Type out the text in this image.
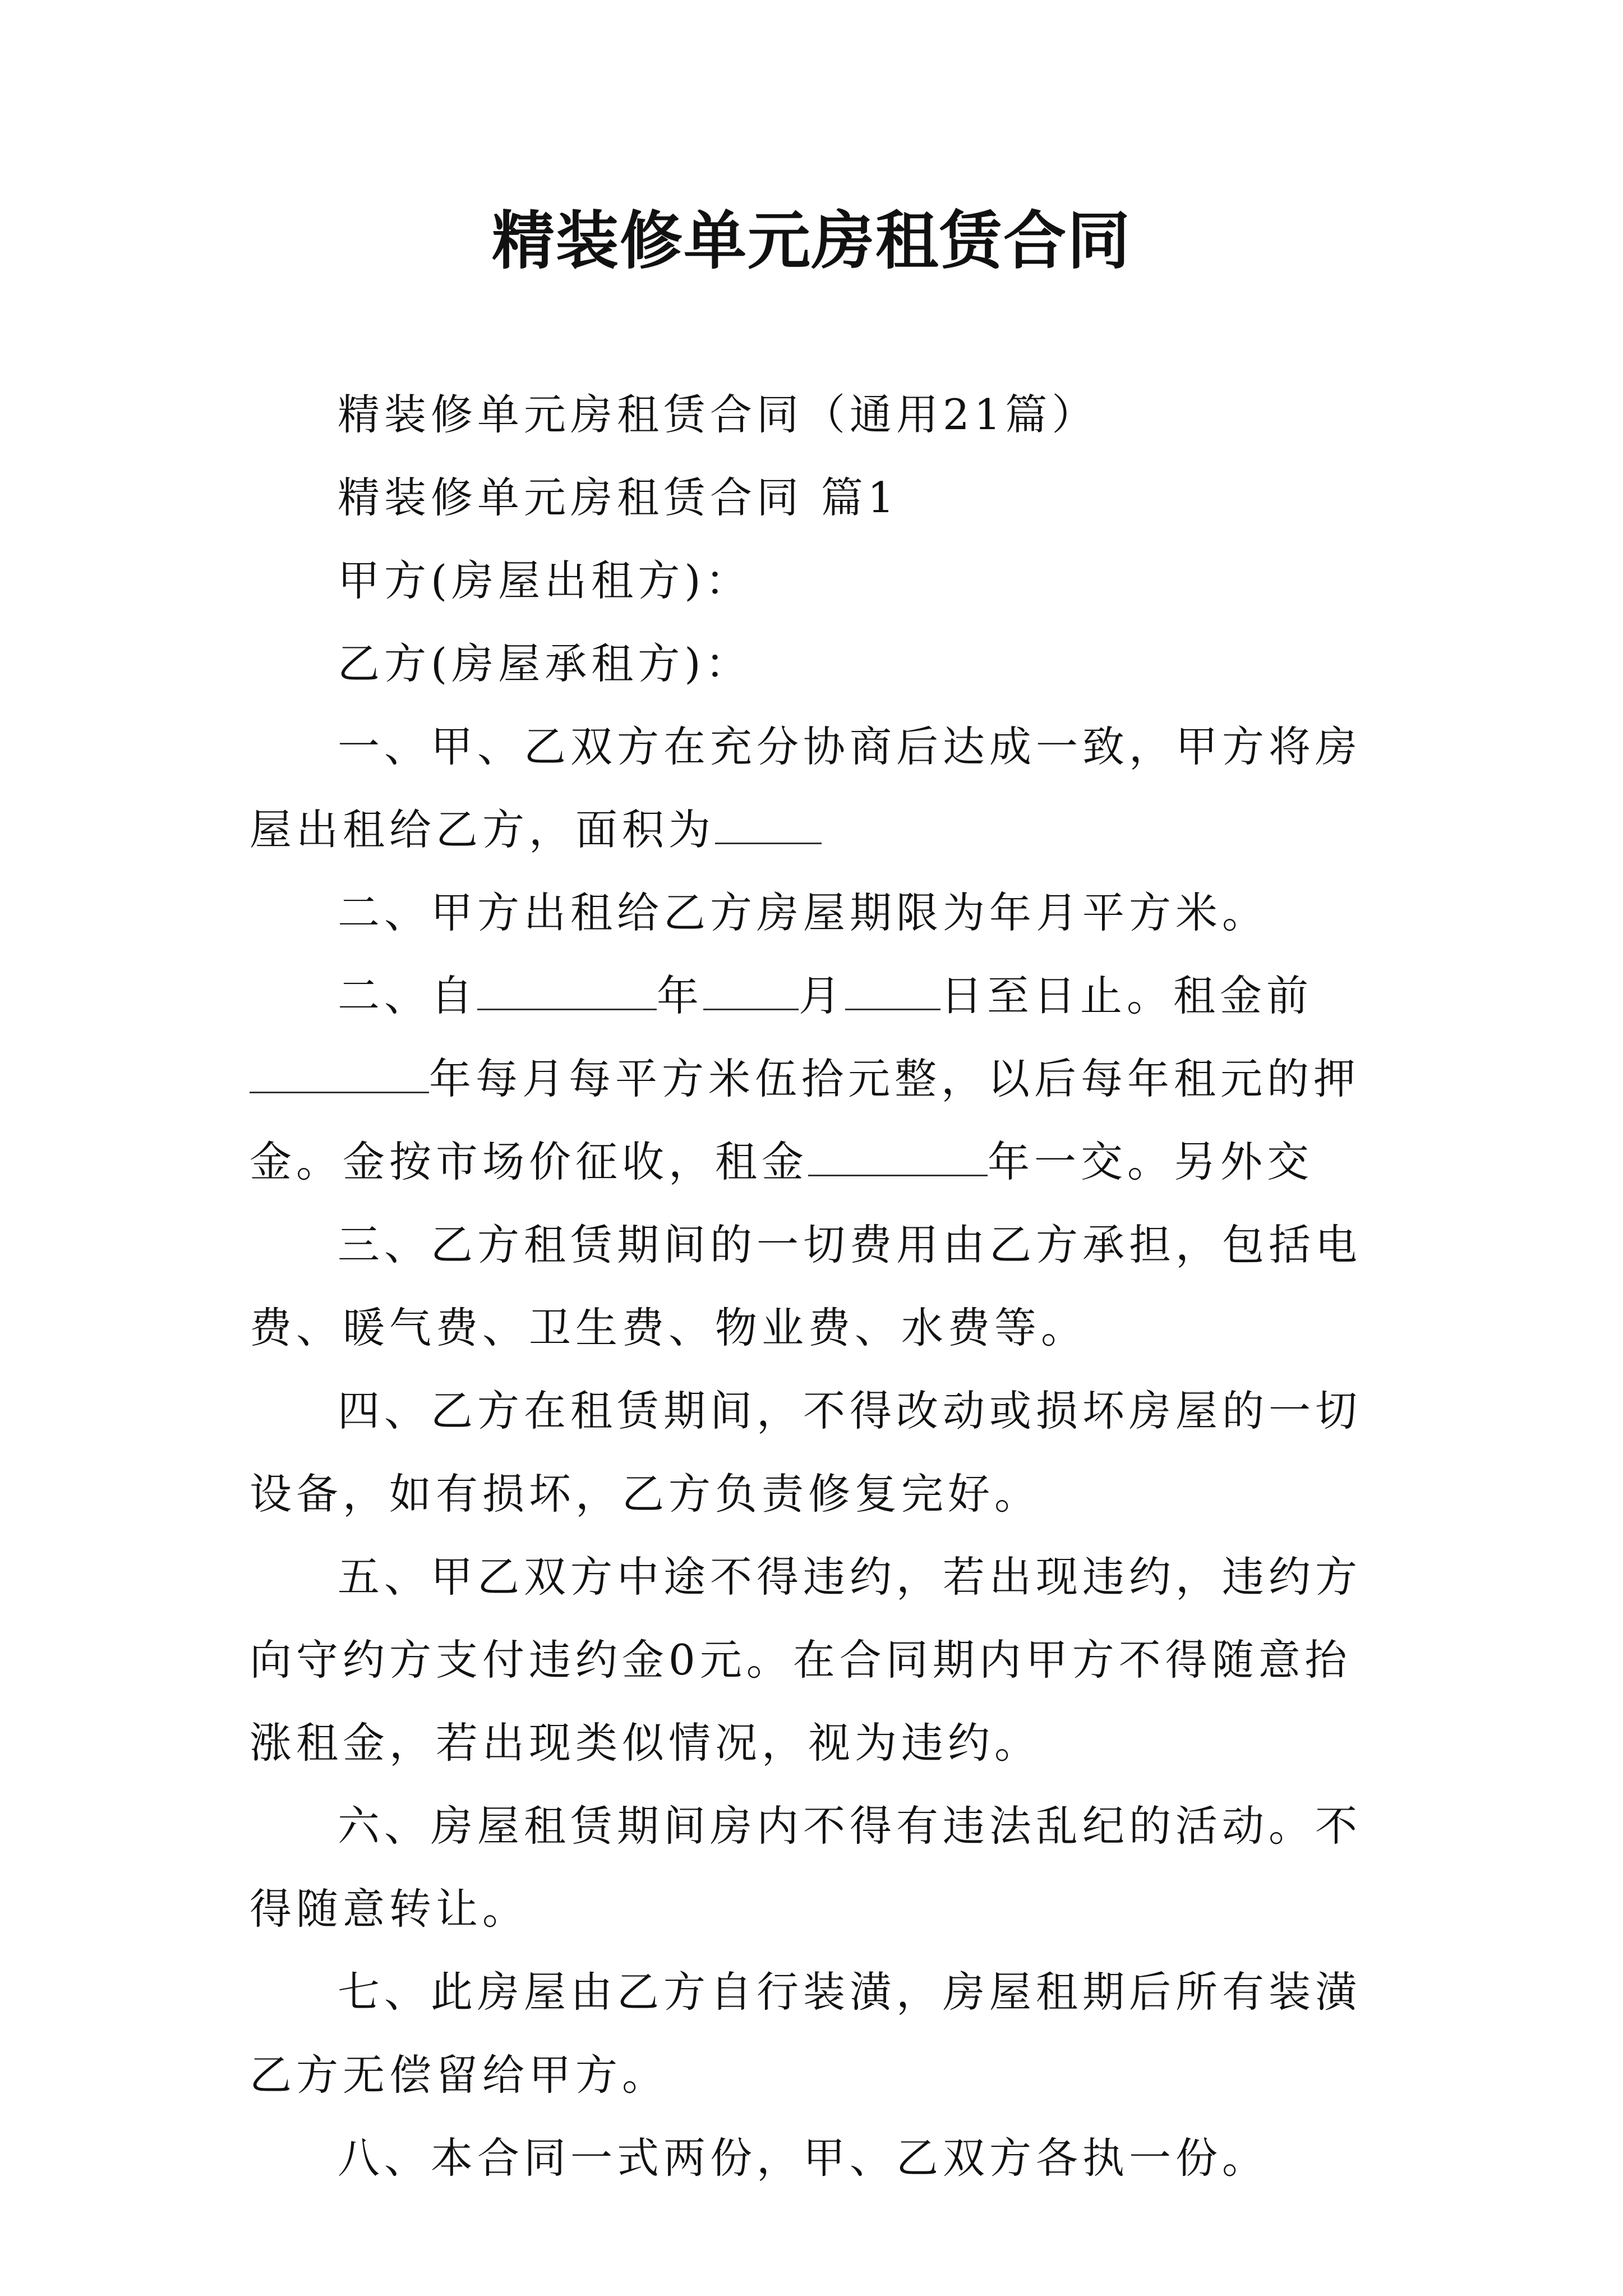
精装修单元房租赁合同

精装修单元房租赁合同（通用21篇）

精装修单元房租赁合同 篇1

甲方(房屋出租方)：

乙方(房屋承租方)：

一、甲、乙双方在充分协商后达成一致，甲方将房屋出租给乙方，面积为

二、甲方出租给乙方房屋期限为年月平方米。

二、自	年 月 日至日止。租金前年每月每平方米伍拾元整，以后每年租元的押金。金按市场价征收，租金	年一交。另外交

三、乙方租赁期间的一切费用由乙方承担，包括电费、暖气费、卫生费、物业费、水费等。

四、乙方在租赁期间，不得改动或损坏房屋的一切设备，如有损坏，乙方负责修复完好。

五、甲乙双方中途不得违约，若出现违约，违约方向守约方支付违约金0元。在合同期内甲方不得随意抬涨租金，若出现类似情况，视为违约。

六、房屋租赁期间房内不得有违法乱纪的活动。不得随意转让。

七、此房屋由乙方自行装潢，房屋租期后所有装潢乙方无偿留给甲方。

八、本合同一式两份，甲、乙双方各执一份。
